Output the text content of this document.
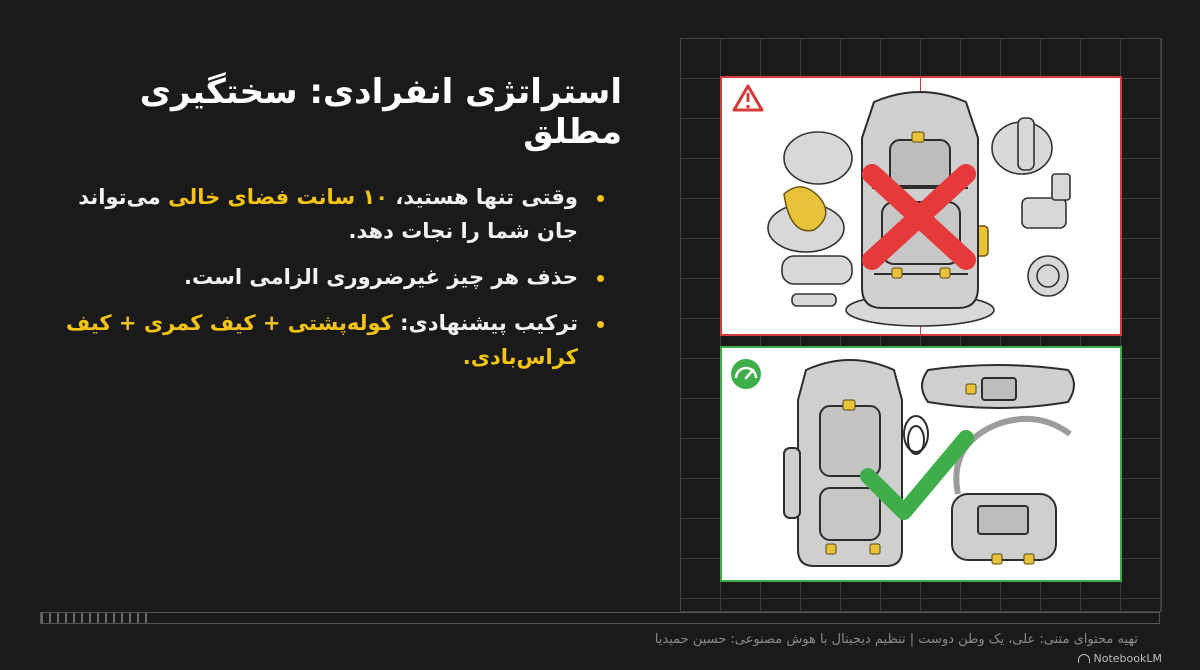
استراتژی انفرادی: سختگیری مطلق
وقتی تنها هستید، ۱۰ سانت فضای خالی می‌تواند جان شما را نجات دهد.
حذف هر چیز غیرضروری الزامی است.
ترکیب پیشنهادی: کوله‌پشتی + کیف کمری + کیف کراس‌بادی.
تهیه محتوای متنی: علی، یک وطن دوست | تنظیم دیجیتال با هوش مصنوعی: حسین حمیدیا
NotebookLM
